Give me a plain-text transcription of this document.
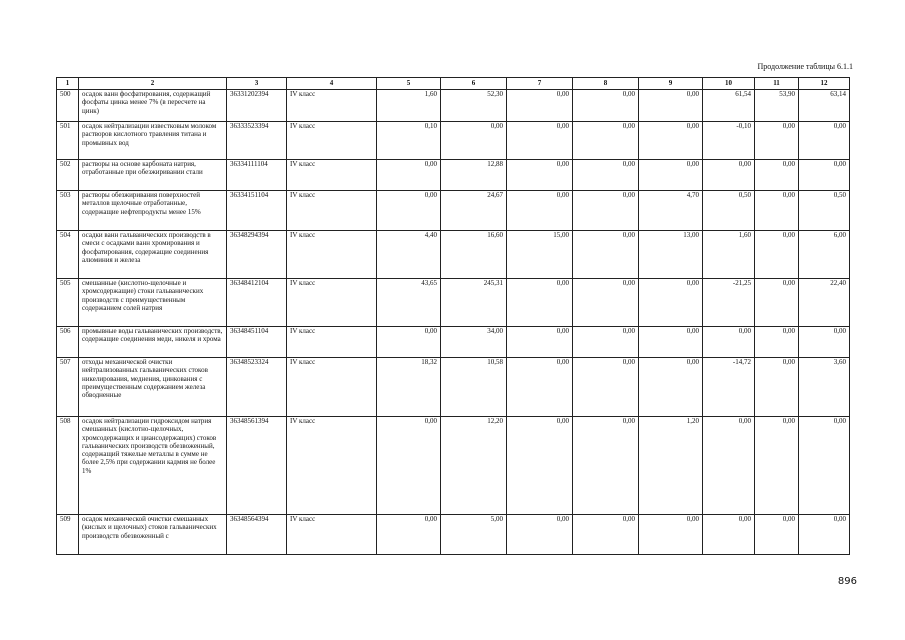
Продолжение таблицы 6.1.1
1	2	3	4	5	6	7	8	9	10	11	12
500	осадок ванн фосфатирования, содержащий фосфаты цинка менее 7% (в пересчете на цинк)	36331202394	IV класс	1,60	52,30	0,00	0,00	0,00	61,54	53,90	63,14
501	осадок нейтрализации известковым молоком растворов кислотного травления титана и промывных вод	36333523394	IV класс	0,10	0,00	0,00	0,00	0,00	-0,10	0,00	0,00
502	растворы на основе карбоната натрия, отработанные при обезжиривании стали	36334111104	IV класс	0,00	12,88	0,00	0,00	0,00	0,00	0,00	0,00
503	растворы обезжиривания поверхностей металлов щелочные отработанные, содержащие нефтепродукты менее 15%	36334151104	IV класс	0,00	24,67	0,00	0,00	4,70	0,50	0,00	0,50
504	осадки ванн гальванических производств в смеси с осадками ванн хромирования и фосфатирования, содержащие соединения алюминия и железа	36348294394	IV класс	4,40	16,60	15,00	0,00	13,00	1,60	0,00	6,00
505	смешанные (кислотно-щелочные и хромсодержащие) стоки гальванических производств с преимущественным содержанием солей натрия	36348412104	IV класс	43,65	245,31	0,00	0,00	0,00	-21,25	0,00	22,40
506	промывные воды гальванических производств, содержащие соединения меди, никеля и хрома	36348451104	IV класс	0,00	34,00	0,00	0,00	0,00	0,00	0,00	0,00
507	отходы механической очистки нейтрализованных гальванических стоков никелирования, меднения, цинкования с преимущественным содержанием железа обводненные	36348523324	IV класс	18,32	10,58	0,00	0,00	0,00	-14,72	0,00	3,60
508	осадок нейтрализации гидроксидом натрия смешанных (кислотно-щелочных, хромсодержащих и циансодержащих) стоков гальванических производств обезвоженный, содержащий тяжелые металлы в сумме не более 2,5% при содержании кадмия не более 1%	36348561394	IV класс	0,00	12,20	0,00	0,00	1,20	0,00	0,00	0,00
509	осадок механической очистки смешанных (кислых и щелочных) стоков гальванических производств обезвоженный с	36348564394	IV класс	0,00	5,00	0,00	0,00	0,00	0,00	0,00	0,00
896
